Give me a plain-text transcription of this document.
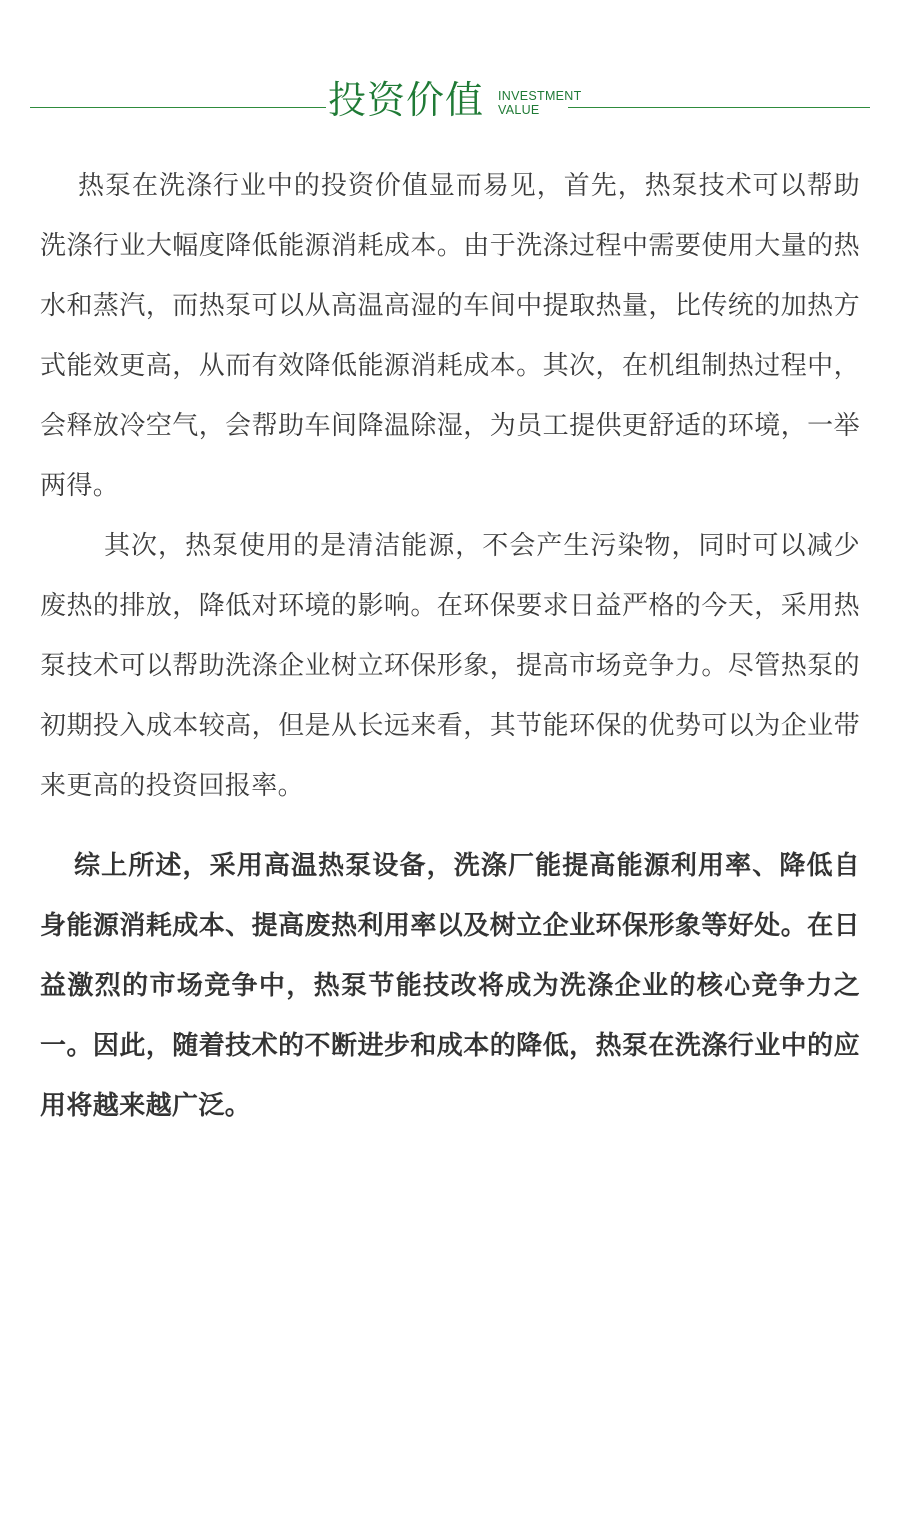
投资价值 INVESTMENT
VALUE

热泵在洗涤行业中的投资价值显而易见，首先，热泵技术可以帮助洗涤行业大幅度降低能源消耗成本。由于洗涤过程中需要使用大量的热水和蒸汽，而热泵可以从高温高湿的车间中提取热量，比传统的加热方式能效更高，从而有效降低能源消耗成本。其次，在机组制热过程中，会释放冷空气，会帮助车间降温除湿，为员工提供更舒适的环境，一举两得。

其次，热泵使用的是清洁能源，不会产生污染物，同时可以减少废热的排放，降低对环境的影响。在环保要求日益严格的今天，采用热泵技术可以帮助洗涤企业树立环保形象，提高市场竞争力。尽管热泵的初期投入成本较高，但是从长远来看，其节能环保的优势可以为企业带来更高的投资回报率。

综上所述，采用高温热泵设备，洗涤厂能提高能源利用率、降低自身能源消耗成本、提高废热利用率以及树立企业环保形象等好处。在日益激烈的市场竞争中，热泵节能技改将成为洗涤企业的核心竞争力之一。因此，随着技术的不断进步和成本的降低，热泵在洗涤行业中的应用将越来越广泛。
